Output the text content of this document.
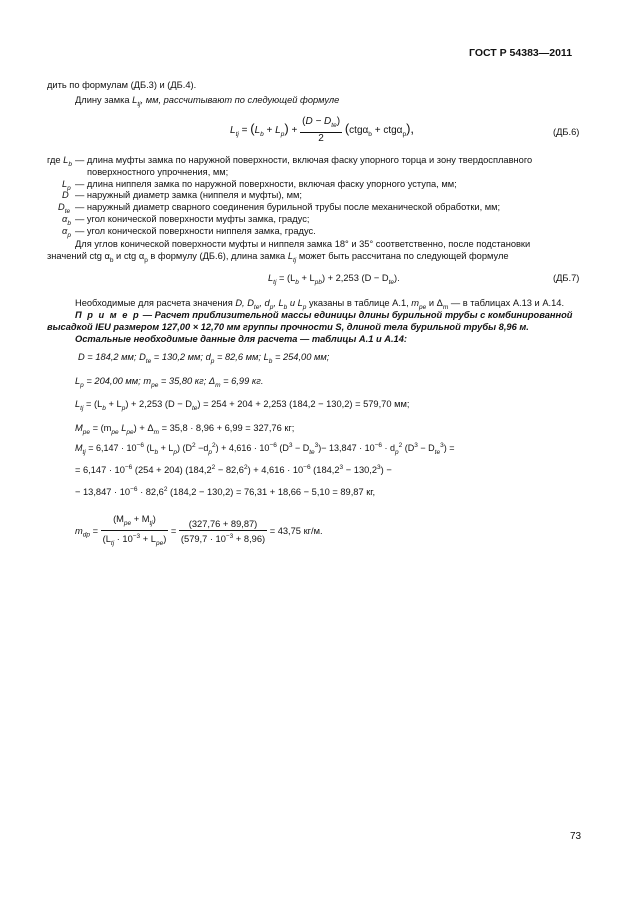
ГОСТ Р 54383—2011
дить по формулам (ДБ.3) и (ДБ.4).
Длину замка $L_{tj}$, мм, рассчитывают по следующей формуле
$L_{tj} = (L_b + L_p) + \frac{(D - D_{te})}{2} (ctg\alpha_b + ctg\alpha_p)$,	(ДБ.6)
где $L_b$ — длина муфты замка по наружной поверхности, включая фаску упорного торца и зону твердосплавного
поверхностного упрочнения, мм;
$L_p$ — длина ниппеля замка по наружной поверхности, включая фаску упорного уступа, мм;
D — наружный диаметр замка (ниппеля и муфты), мм;
$D_{te}$ — наружный диаметр сварного соединения бурильной трубы после механической обработки, мм;
$\alpha_b$ — угол конической поверхности муфты замка, градус;
$\alpha_p$ — угол конической поверхности ниппеля замка, градус.
Для углов конической поверхности муфты и ниппеля замка 18° и 35° соответственно, после подстановки
значений ctg $\alpha_b$ и ctg $\alpha_p$ в формулу (ДБ.6), длина замка $L_{tj}$ может быть рассчитана по следующей формуле
$L_{tj} = (L_b + L_{pb}) + 2,253$ $(D - D_{te})$.	(ДБ.7)
Необходимые для расчета значения D, $D_{te}$, $d_p$, $L_b$ и $L_p$ указаны в таблице А.1, $m_{pe}$ и $\Delta_m$ — в таблицах А.13 и А.14.
П р и м е р — Расчет приблизительной массы единицы длины бурильной трубы с комбинированной
высадкой IEU размером 127,00 × 12,70 мм группы прочности S, длиной тела бурильной трубы 8,96 м.
Остальные необходимые данные для расчета — таблицы А.1 и А.14:
D = 184,2 мм; $D_{te} = 130,2$ мм; $d_p = 82,6$ мм; $L_b = 254,00$ мм;
$L_p = 204,00$ мм; $m_{pe} = 35,80$ кг; $\Delta_m = 6,99$ кг.
$L_{tj} = (L_b + L_p) + 2,253$ $(D - D_{te}) = 254 + 204 + 2,253$ (184,2 − 130,2) = 579,70 мм;
$M_{pe} = (m_{pe}$ $L_{pe}) + \Delta_m = 35,8 \cdot 8,96 + 6,99 = 327,76$ кг;
$M_{tj} = 6,147 \cdot 10^{-6}$ $(L_b + L_p)$ $(D^2 -d_p^2) + 4,616 \cdot 10^{-6}$ $(D^3 - D_{te}^3)- 13,847 \cdot 10^{-6} \cdot d_p^2$ $(D^3 - D_{te}^3)$ =
= $6,147 \cdot 10^{-6}$ (254 + 204) $(184,2^2 - 82,6^2) + 4,616 \cdot 10^{-6}$ $(184,2^3 - 130,2^3)$ −
− $13,847 \cdot 10^{-6} \cdot 82,6^2$ (184,2 − 130,2) = 76,31 + 18,66 − 5,10 = 89,87 кг,
$m_{dp} = \frac{(M_{pe} + M_{tj})}{(L_{tj} \cdot 10^{-3} + L_{pe})} = \frac{(327,76 + 89,87)}{(579,7 \cdot 10^{-3} + 8,96)} = 43,75$ кг/м.
73
